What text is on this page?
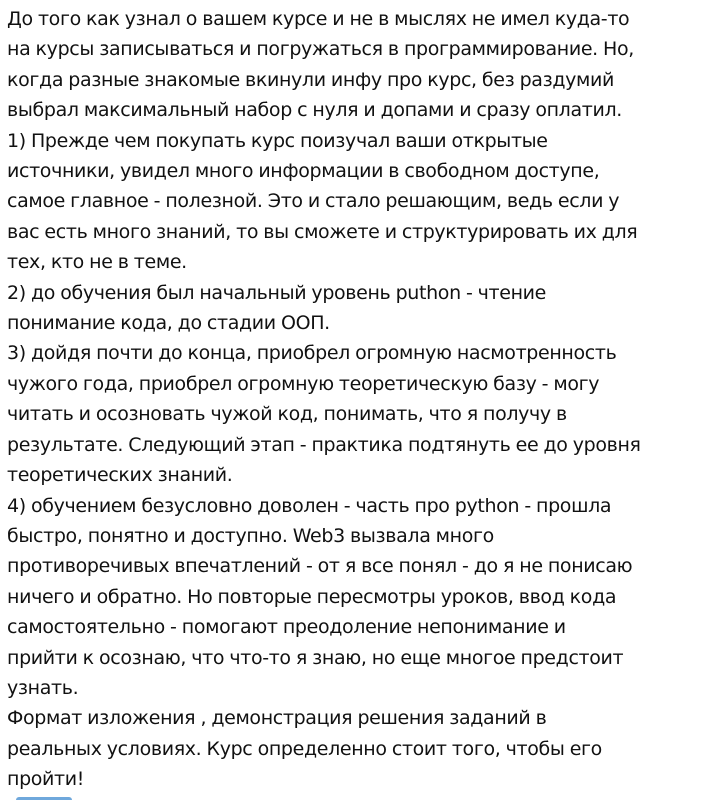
До того как узнал о вашем курсе и не в мыслях не имел куда-то
на курсы записываться и погружаться в программирование. Но,
когда разные знакомые вкинули инфу про курс, без раздумий
выбрал максимальный набор с нуля и допами и сразу оплатил.
1) Прежде чем покупать курс поизучал ваши открытые
источники, увидел много информации в свободном доступе,
самое главное - полезной. Это и стало решающим, ведь если у
вас есть много знаний, то вы сможете и структурировать их для
тех, кто не в теме.
2) до обучения был начальный уровень puthon - чтение
понимание кода, до стадии ООП.
3) дойдя почти до конца, приобрел огромную насмотренность
чужого года, приобрел огромную теоретическую базу - могу
читать и осозновать чужой код, понимать, что я получу в
результате. Следующий этап - практика подтянуть ее до уровня
теоретических знаний.
4) обучением безусловно доволен - часть про python - прошла
быстро, понятно и доступно. Web3 вызвала много
противоречивых впечатлений - от я все понял - до я не понисаю
ничего и обратно. Но повторые пересмотры уроков, ввод кода
самостоятельно - помогают преодоление непонимание и
прийти к осознаю, что что-то я знаю, но еще многое предстоит
узнать.
Формат изложения , демонстрация решения заданий в
реальных условиях. Курс определенно стоит того, чтобы его
пройти!
